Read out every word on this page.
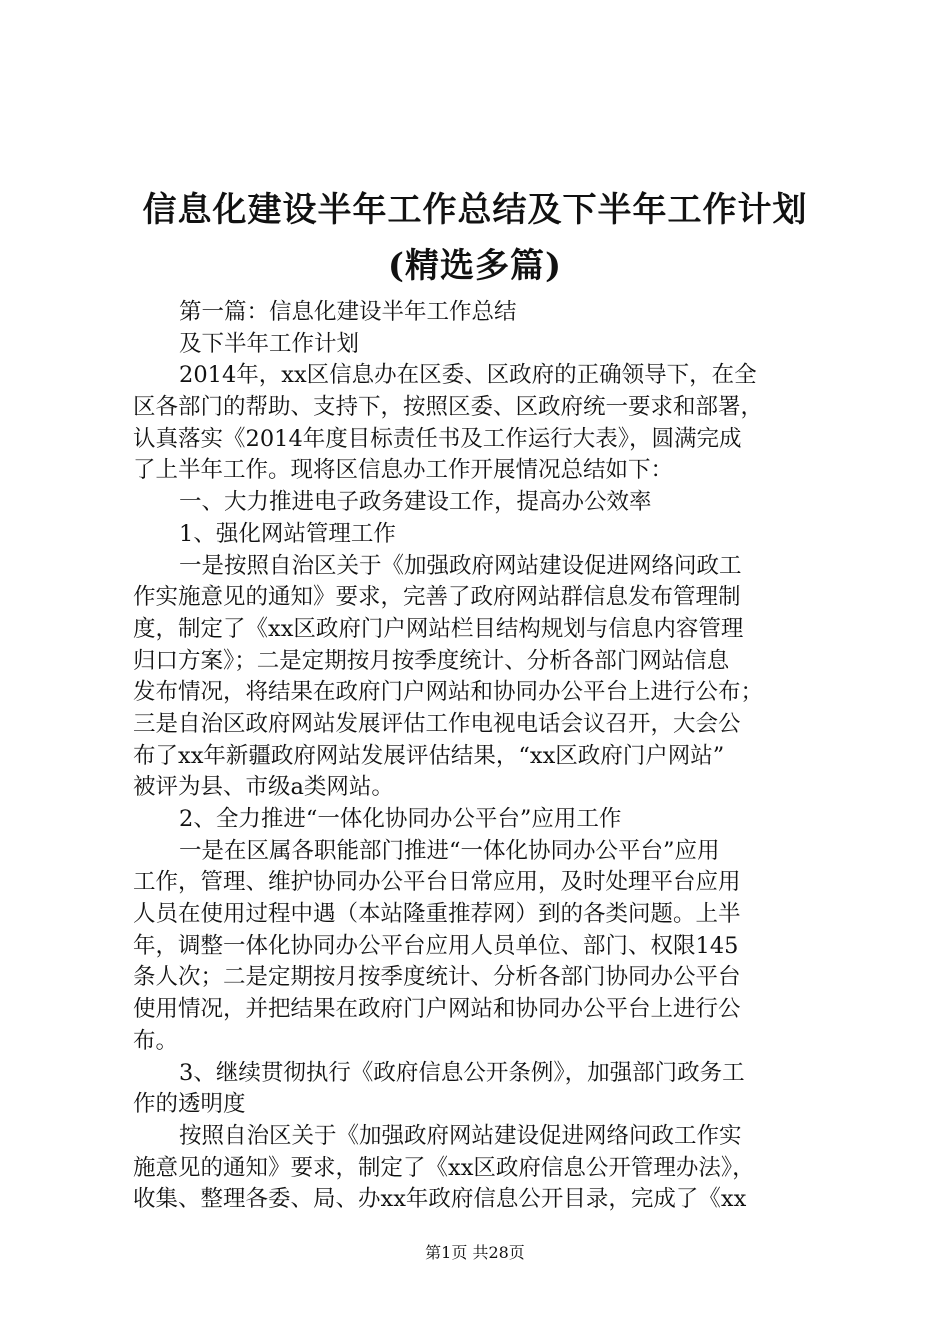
信息化建设半年工作总结及下半年工作计划
(精选多篇)
第一篇：信息化建设半年工作总结
及下半年工作计划
2014年，xx区信息办在区委、区政府的正确领导下，在全
区各部门的帮助、支持下，按照区委、区政府统一要求和部署，
认真落实《2014年度目标责任书及工作运行大表》，圆满完成
了上半年工作。现将区信息办工作开展情况总结如下：
一、大力推进电子政务建设工作，提高办公效率
1、强化网站管理工作
一是按照自治区关于《加强政府网站建设促进网络问政工
作实施意见的通知》要求，完善了政府网站群信息发布管理制
度，制定了《xx区政府门户网站栏目结构规划与信息内容管理
归口方案》；二是定期按月按季度统计、分析各部门网站信息
发布情况，将结果在政府门户网站和协同办公平台上进行公布；
三是自治区政府网站发展评估工作电视电话会议召开，大会公
布了xx年新疆政府网站发展评估结果，“xx区政府门户网站”
被评为县、市级a类网站。
2、全力推进“一体化协同办公平台”应用工作
一是在区属各职能部门推进“一体化协同办公平台”应用
工作，管理、维护协同办公平台日常应用，及时处理平台应用
人员在使用过程中遇（本站隆重推荐网）到的各类问题。上半
年，调整一体化协同办公平台应用人员单位、部门、权限145
条人次；二是定期按月按季度统计、分析各部门协同办公平台
使用情况，并把结果在政府门户网站和协同办公平台上进行公
布。
3、继续贯彻执行《政府信息公开条例》，加强部门政务工
作的透明度
按照自治区关于《加强政府网站建设促进网络问政工作实
施意见的通知》要求，制定了《xx区政府信息公开管理办法》，
收集、整理各委、局、办xx年政府信息公开目录，完成了《xx
第1页 共28页
